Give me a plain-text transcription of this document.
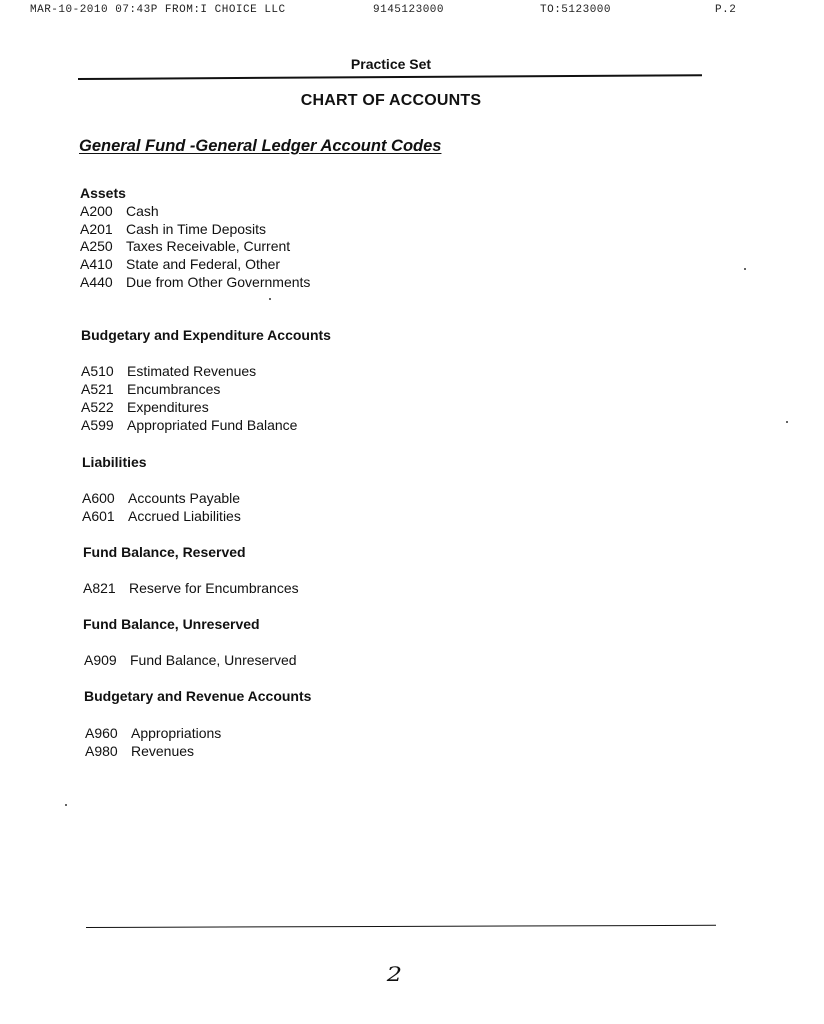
MAR-10-2010 07:43P FROM:I CHOICE LLC	9145123000	TO:5123000	P.2
Practice Set
CHART OF ACCOUNTS
General Fund -General Ledger Account Codes
Assets
A200 Cash
A201 Cash in Time Deposits
A250 Taxes Receivable, Current
A410 State and Federal, Other
A440 Due from Other Governments
Budgetary and Expenditure Accounts
A510 Estimated Revenues
A521 Encumbrances
A522 Expenditures
A599 Appropriated Fund Balance
Liabilities
A600 Accounts Payable
A601 Accrued Liabilities
Fund Balance, Reserved
A821 Reserve for Encumbrances
Fund Balance, Unreserved
A909 Fund Balance, Unreserved
Budgetary and Revenue Accounts
A960 Appropriations
A980 Revenues
2
